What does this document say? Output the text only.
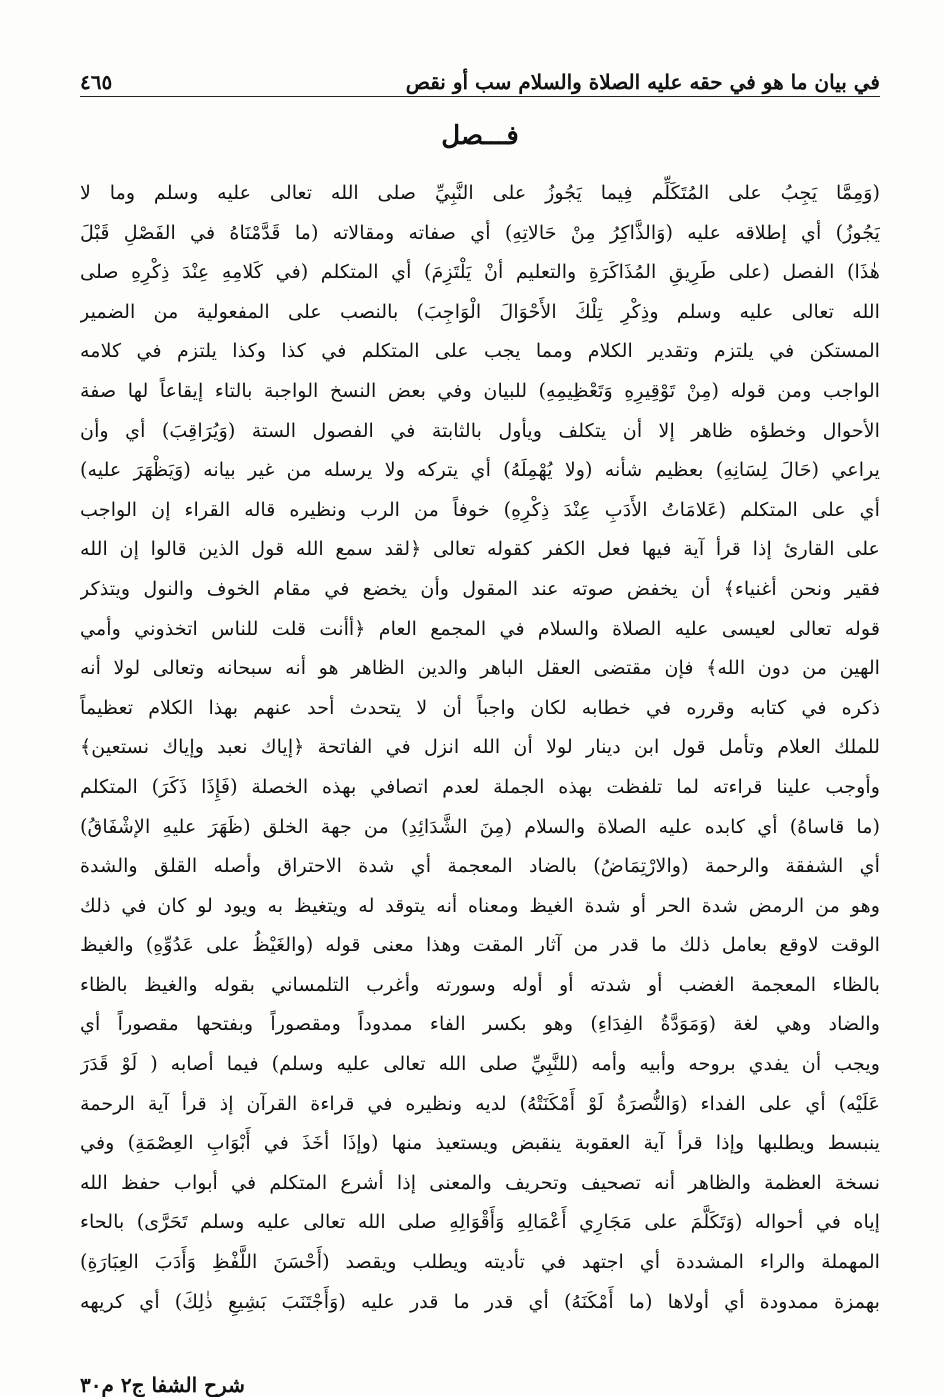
في بيان ما هو في حقه عليه الصلاة والسلام سب أو نقص
٤٦٥
فـــصل
(وَمِمَّا يَجِبُ على المُتَكَلِّم فِيما يَجُوزُ على النَّبِيِّ صلى الله تعالى عليه وسلم وما لا
يَجُوزُ) أي إطلاقه عليه (وَالذَّاكِرُ مِنْ حَالاتِهِ) أي صفاته ومقالاته (ما قَدَّمْنَاهُ في الفَصْلِ قَبْلَ
هٰذَا) الفصل (على طَرِيقِ المُذَاكَرَةِ والتعليم أنْ يَلْتَزِمَ) أي المتكلم (في كَلامِهِ عِنْدَ ذِكْرِهِ صلى
الله تعالى عليه وسلم وذِكْرِ تِلْكَ الأَحْوَالَ الْوَاجِبَ) بالنصب على المفعولية من الضمير
المستكن في يلتزم وتقدير الكلام ومما يجب على المتكلم في كذا وكذا يلتزم في كلامه
الواجب ومن قوله (مِنْ تَوْقِيرِهِ وَتَعْظِيمِهِ) للبيان وفي بعض النسخ الواجبة بالتاء إيقاعاً لها صفة
الأحوال وخطؤه ظاهر إلا أن يتكلف ويأول بالثابتة في الفصول الستة (وَيُرَاقِبَ) أي وأن
يراعي (حَالَ لِسَانِهِ) بعظيم شأنه (ولا يُهْمِلَهُ) أي يتركه ولا يرسله من غير بيانه (وَيَظْهَرَ عليه)
أي على المتكلم (عَلامَاتُ الأَدَبِ عِنْدَ ذِكْرِهِ) خوفاً من الرب ونظيره قاله القراء إن الواجب
على القارئ إذا قرأ آية فيها فعل الكفر كقوله تعالى ﴿لقد سمع الله قول الذين قالوا إن الله
فقير ونحن أغنياء﴾ أن يخفض صوته عند المقول وأن يخضع في مقام الخوف والنول ويتذكر
قوله تعالى لعيسى عليه الصلاة والسلام في المجمع العام ﴿أأنت قلت للناس اتخذوني وأمي
الهين من دون الله﴾ فإن مقتضى العقل الباهر والدين الظاهر هو أنه سبحانه وتعالى لولا أنه
ذكره في كتابه وقرره في خطابه لكان واجباً أن لا يتحدث أحد عنهم بهذا الكلام تعظيماً
للملك العلام وتأمل قول ابن دينار لولا أن الله انزل في الفاتحة ﴿إياك نعبد وإياك نستعين﴾
وأوجب علينا قراءته لما تلفظت بهذه الجملة لعدم اتصافي بهذه الخصلة (فَإِذَا ذَكَرَ) المتكلم
(ما قاساهُ) أي كابده عليه الصلاة والسلام (مِنَ الشَّدَائِدِ) من جهة الخلق (ظَهَرَ عليهِ الإشْفَاقُ)
أي الشفقة والرحمة (والارْتِمَاضُ) بالضاد المعجمة أي شدة الاحتراق وأصله القلق والشدة
وهو من الرمض شدة الحر أو شدة الغيظ ومعناه أنه يتوقد له ويتغيظ به ويود لو كان في ذلك
الوقت لاوقع بعامل ذلك ما قدر من آثار المقت وهذا معنى قوله (والغَيْظُ على عَدُوِّهِ) والغيظ
بالظاء المعجمة الغضب أو شدته أو أوله وسورته وأغرب التلمساني بقوله والغيظ بالظاء
والضاد وهي لغة (وَمَوَدَّةُ الفِدَاءِ) وهو بكسر الفاء ممدوداً ومقصوراً وبفتحها مقصوراً أي
ويجب أن يفدي بروحه وأبيه وأمه (للنَّبِيِّ صلى الله تعالى عليه وسلم) فيما أصابه ( لَوْ قَدَرَ
عَلَيْه) أي على الفداء (وَالنُّصرَةُ لَوْ أَمْكَنَتْهُ) لديه ونظيره في قراءة القرآن إذ قرأ آية الرحمة
ينبسط ويطلبها وإذا قرأ آية العقوبة ينقبض ويستعيذ منها (وإذَا أخَذَ في أَبْوَابِ العِصْمَةِ) وفي
نسخة العظمة والظاهر أنه تصحيف وتحريف والمعنى إذا أشرع المتكلم في أبواب حفظ الله
إياه في أحواله (وَتَكَلَّمَ على مَجَارِي أَعْمَالِهِ وَأَقْوَالِهِ صلى الله تعالى عليه وسلم تَحَرَّى) بالحاء
المهملة والراء المشددة أي اجتهد في تأديته ويطلب ويقصد (أَحْسَنَ اللَّفْظِ وَأَدَبَ العِبَارَةِ)
بهمزة ممدودة أي أولاها (ما أَمْكَنَهُ) أي قدر ما قدر عليه (وَأَجْتَنَبَ بَشِيعِ ذٰلِكَ) أي كريهه
شرح الشفا ج٢ م٣٠
